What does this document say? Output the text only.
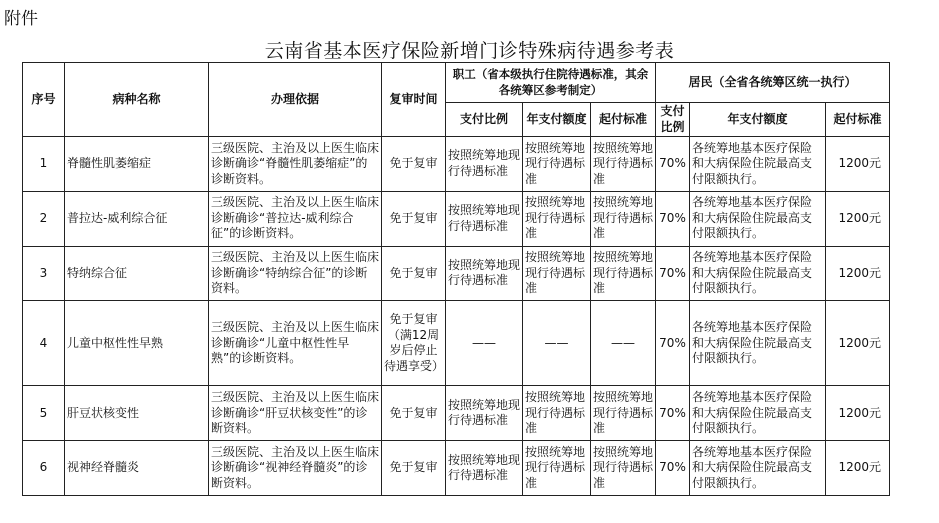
附件
云南省基本医疗保险新增门诊特殊病待遇参考表
序号	病种名称	办理依据	复审时间	职工（省本级执行住院待遇标准，其余各统筹区参考制定）			居民（全省各统筹区统一执行）		
				支付比例	年支付额度	起付标准	支付比例	年支付额度	起付标准
1	脊髓性肌萎缩症	三级医院、主治及以上医生临床诊断确诊“脊髓性肌萎缩症”的诊断资料。	免于复审	按照统筹地现行待遇标准	按照统筹地现行待遇标准	按照统筹地现行待遇标准	70%	各统筹地基本医疗保险和大病保险住院最高支付限额执行。	1200元
2	普拉达-威利综合征	三级医院、主治及以上医生临床诊断确诊“普拉达-威利综合征”的诊断资料。	免于复审	按照统筹地现行待遇标准	按照统筹地现行待遇标准	按照统筹地现行待遇标准	70%	各统筹地基本医疗保险和大病保险住院最高支付限额执行。	1200元
3	特纳综合征	三级医院、主治及以上医生临床诊断确诊“特纳综合征”的诊断资料。	免于复审	按照统筹地现行待遇标准	按照统筹地现行待遇标准	按照统筹地现行待遇标准	70%	各统筹地基本医疗保险和大病保险住院最高支付限额执行。	1200元
4	儿童中枢性性早熟	三级医院、主治及以上医生临床诊断确诊“儿童中枢性性早熟”的诊断资料。	免于复审（满12周岁后停止待遇享受）	——	——	——	70%	各统筹地基本医疗保险和大病保险住院最高支付限额执行。	1200元
5	肝豆状核变性	三级医院、主治及以上医生临床诊断确诊“肝豆状核变性”的诊断资料。	免于复审	按照统筹地现行待遇标准	按照统筹地现行待遇标准	按照统筹地现行待遇标准	70%	各统筹地基本医疗保险和大病保险住院最高支付限额执行。	1200元
6	视神经脊髓炎	三级医院、主治及以上医生临床诊断确诊“视神经脊髓炎”的诊断资料。	免于复审	按照统筹地现行待遇标准	按照统筹地现行待遇标准	按照统筹地现行待遇标准	70%	各统筹地基本医疗保险和大病保险住院最高支付限额执行。	1200元
